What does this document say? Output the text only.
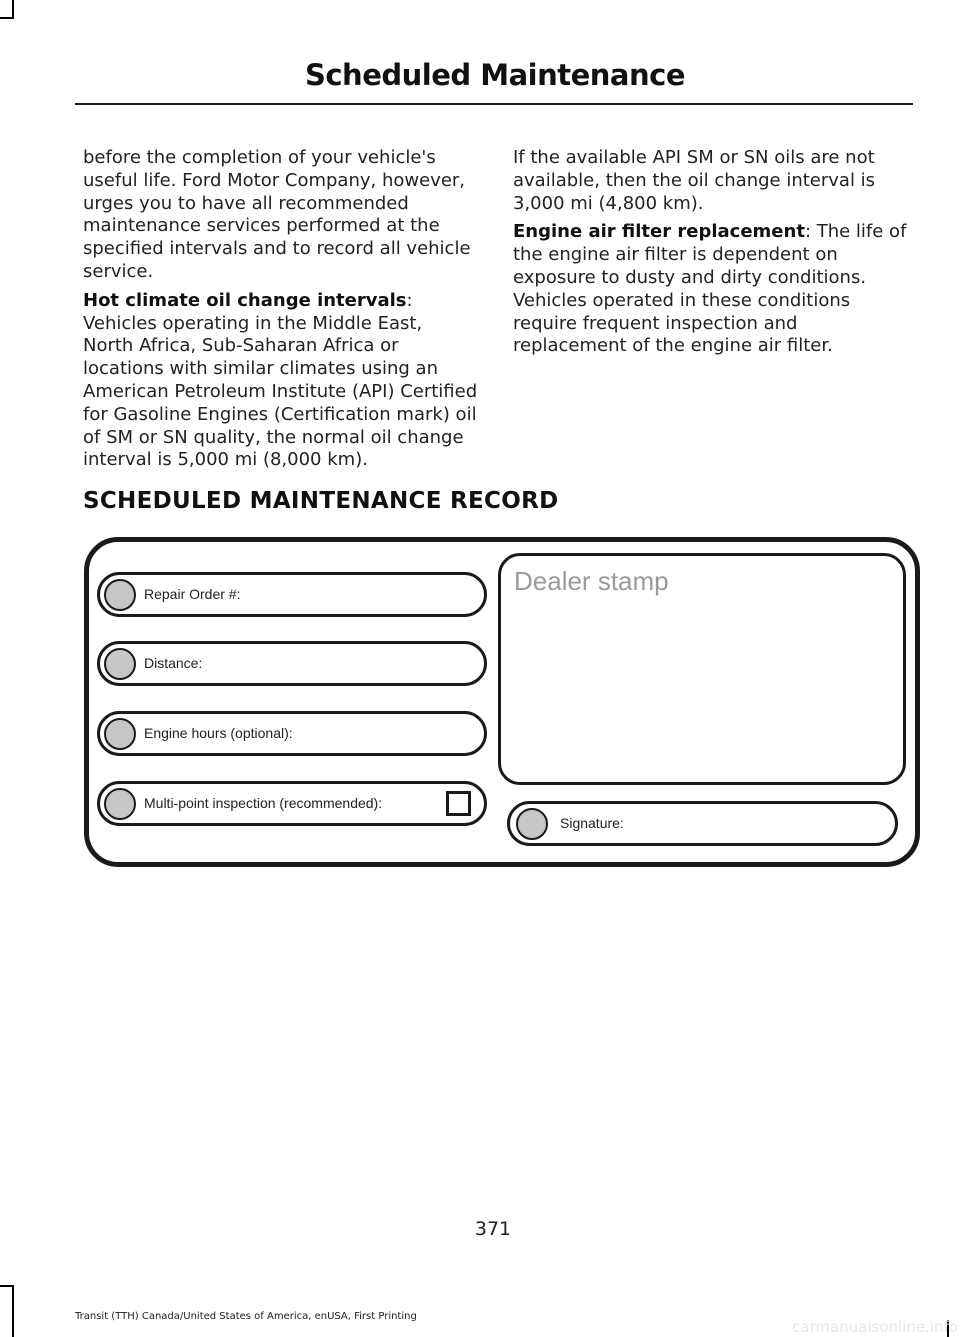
Scheduled Maintenance

before the completion of your vehicle's useful life. Ford Motor Company, however, urges you to have all recommended maintenance services performed at the specified intervals and to record all vehicle service.

Hot climate oil change intervals: Vehicles operating in the Middle East, North Africa, Sub-Saharan Africa or locations with similar climates using an American Petroleum Institute (API) Certified for Gasoline Engines (Certification mark) oil of SM or SN quality, the normal oil change interval is 5,000 mi (8,000 km).

If the available API SM or SN oils are not available, then the oil change interval is 3,000 mi (4,800 km).

Engine air filter replacement: The life of the engine air filter is dependent on exposure to dusty and dirty conditions. Vehicles operated in these conditions require frequent inspection and replacement of the engine air filter.

SCHEDULED MAINTENANCE RECORD
Repair Order #:
Distance:
Engine hours (optional):
Multi-point inspection (recommended):
Dealer stamp
Signature:
371
Transit (TTH) Canada/United States of America, enUSA, First Printing
carmanualsonline.info
